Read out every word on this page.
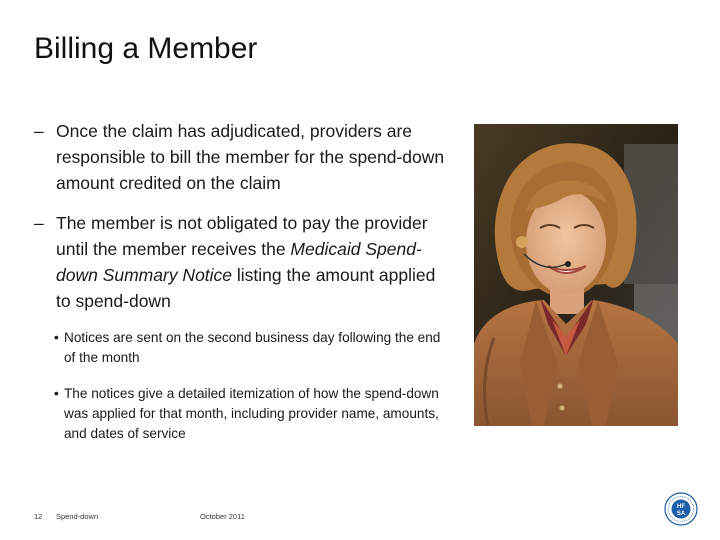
Billing a Member
– Once the claim has adjudicated, providers are responsible to bill the member for the spend-down amount credited on the claim
– The member is not obligated to pay the provider until the member receives the Medicaid Spend-down Summary Notice listing the amount applied to spend-down
• Notices are sent on the second business day following the end of the month
• The notices give a detailed itemization of how the spend-down was applied for that month, including provider name, amounts, and dates of service
12 Spend-down	October 2011
HF
SA
